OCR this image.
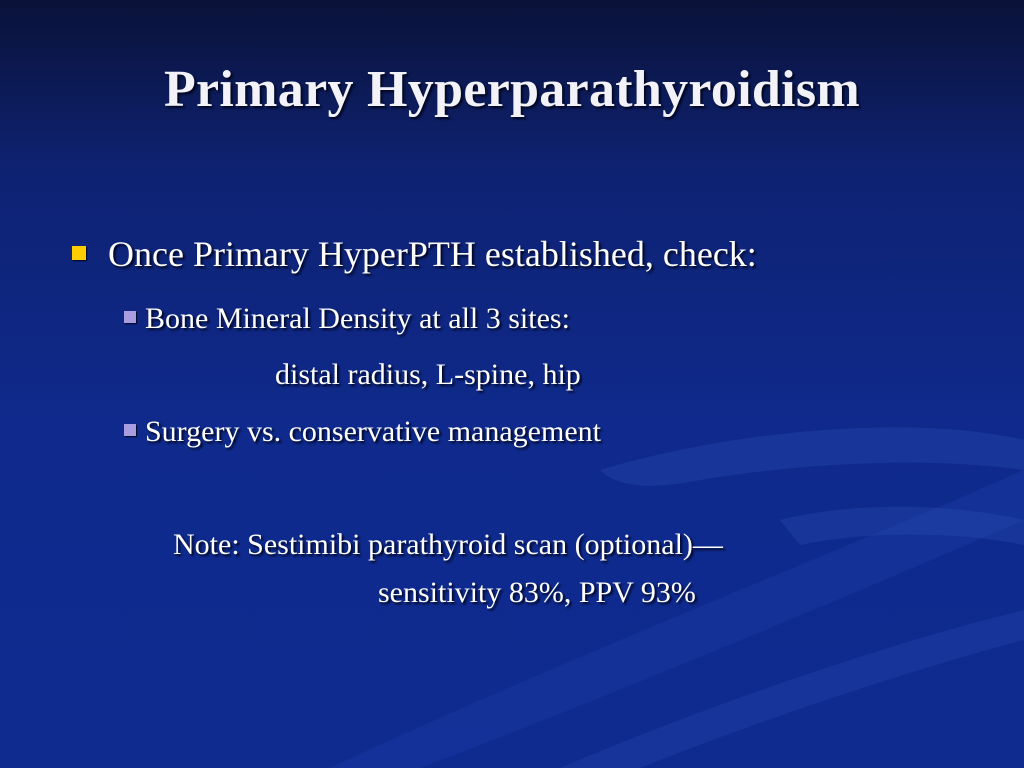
Primary Hyperparathyroidism
Once Primary HyperPTH established, check:
Bone Mineral Density at all 3 sites:
distal radius, L-spine, hip
Surgery vs. conservative management
Note: Sestimibi parathyroid scan (optional)—
sensitivity 83%, PPV 93%
